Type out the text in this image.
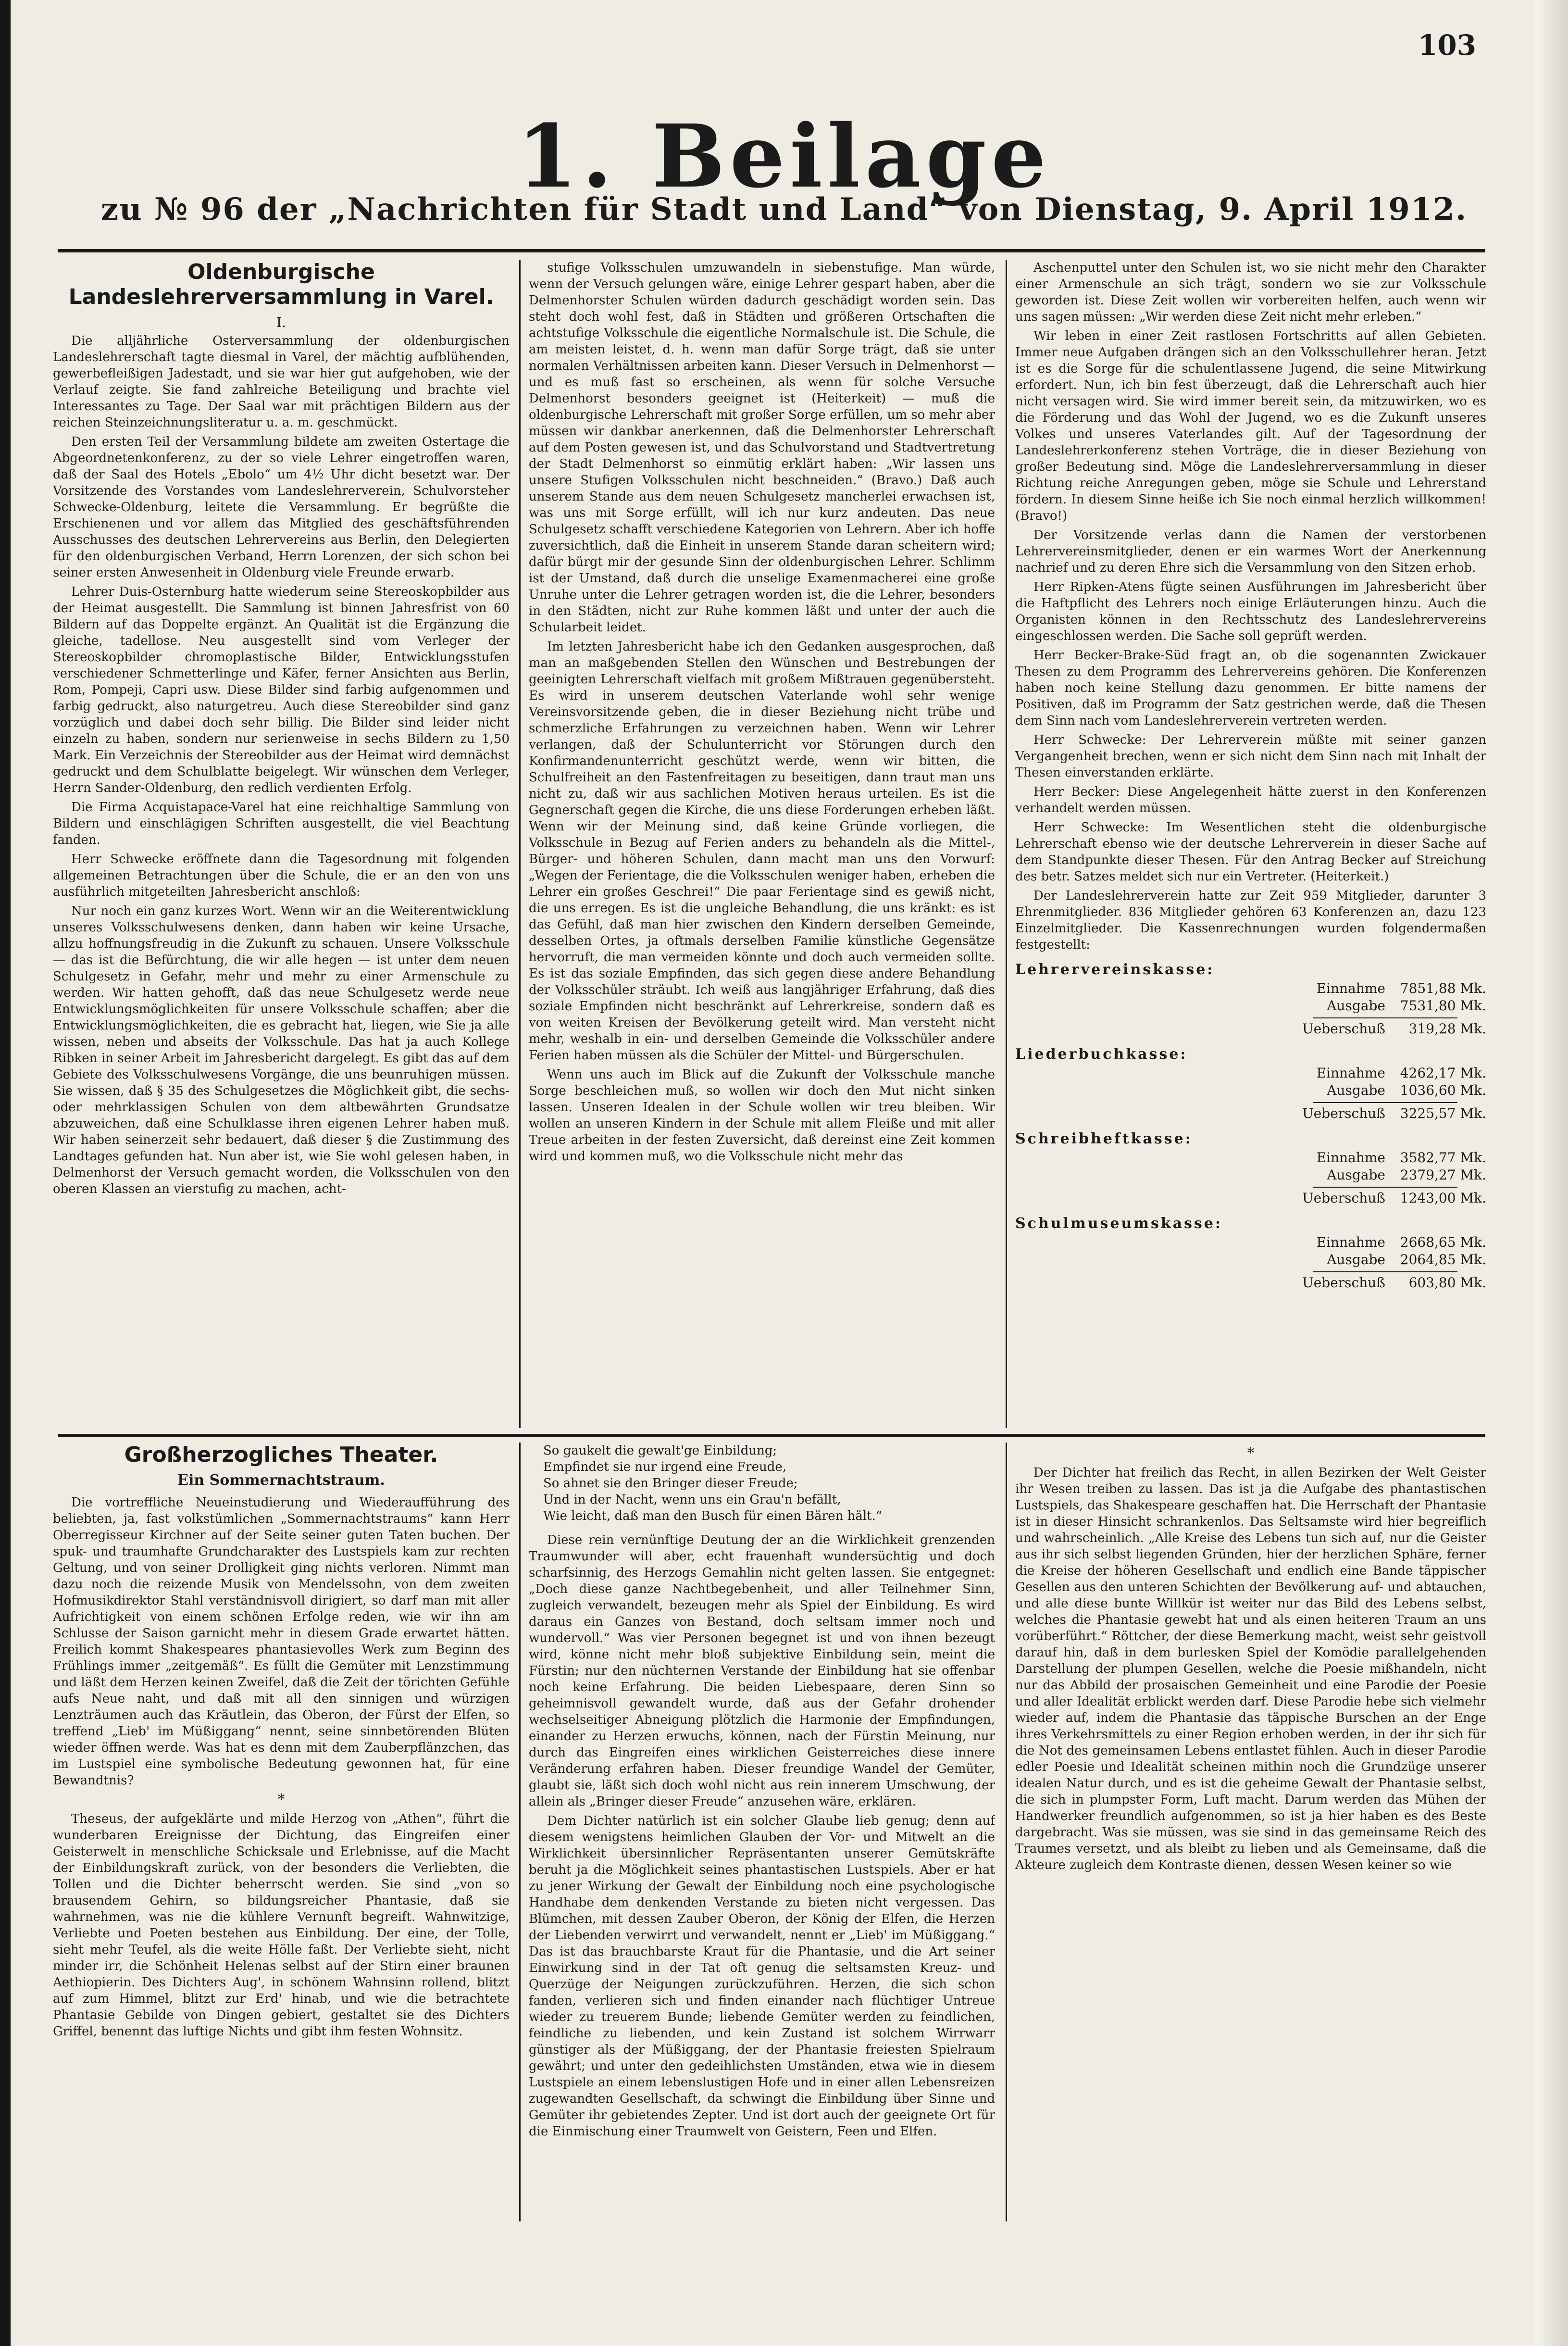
103
1. Beilage
zu № 96 der „Nachrichten für Stadt und Land“ von Dienstag, 9. April 1912.
Oldenburgische Landeslehrerversammlung in Varel.
I.

Die alljährliche Osterversammlung der oldenburgischen Landeslehrerschaft tagte diesmal in Varel, der mächtig aufblühenden, gewerbefleißigen Jadestadt, und sie war hier gut aufgehoben, wie der Verlauf zeigte. Sie fand zahlreiche Beteiligung und brachte viel Interessantes zu Tage. Der Saal war mit prächtigen Bildern aus der reichen Steinzeichnungsliteratur u. a. m. geschmückt.

Den ersten Teil der Versammlung bildete am zweiten Ostertage die Abgeordnetenkonferenz, zu der so viele Lehrer eingetroffen waren, daß der Saal des Hotels „Ebolo“ um 4½ Uhr dicht besetzt war. Der Vorsitzende des Vorstandes vom Landeslehrerverein, Schulvorsteher Schwecke-Oldenburg, leitete die Versammlung. Er begrüßte die Erschienenen und vor allem das Mitglied des geschäftsführenden Ausschusses des deutschen Lehrervereins aus Berlin, den Delegierten für den oldenburgischen Verband, Herrn Lorenzen, der sich schon bei seiner ersten Anwesenheit in Oldenburg viele Freunde erwarb.

Lehrer Duis-Osternburg hatte wiederum seine Stereoskopbilder aus der Heimat ausgestellt. Die Sammlung ist binnen Jahresfrist von 60 Bildern auf das Doppelte ergänzt. An Qualität ist die Ergänzung die gleiche, tadellose. Neu ausgestellt sind vom Verleger der Stereoskopbilder chromoplastische Bilder, Entwicklungsstufen verschiedener Schmetterlinge und Käfer, ferner Ansichten aus Berlin, Rom, Pompeji, Capri usw. Diese Bilder sind farbig aufgenommen und farbig gedruckt, also naturgetreu. Auch diese Stereobilder sind ganz vorzüglich und dabei doch sehr billig. Die Bilder sind leider nicht einzeln zu haben, sondern nur serienweise in sechs Bildern zu 1,50 Mark. Ein Verzeichnis der Stereobilder aus der Heimat wird demnächst gedruckt und dem Schulblatte beigelegt. Wir wünschen dem Verleger, Herrn Sander-Oldenburg, den redlich verdienten Erfolg.

Die Firma Acquistapace-Varel hat eine reichhaltige Sammlung von Bildern und einschlägigen Schriften ausgestellt, die viel Beachtung fanden.

Herr Schwecke eröffnete dann die Tagesordnung mit folgenden allgemeinen Betrachtungen über die Schule, die er an den von uns ausführlich mitgeteilten Jahresbericht anschloß:

Nur noch ein ganz kurzes Wort. Wenn wir an die Weiterentwicklung unseres Volksschulwesens denken, dann haben wir keine Ursache, allzu hoffnungsfreudig in die Zukunft zu schauen. Unsere Volksschule — das ist die Befürchtung, die wir alle hegen — ist unter dem neuen Schulgesetz in Gefahr, mehr und mehr zu einer Armenschule zu werden. Wir hatten gehofft, daß das neue Schulgesetz werde neue Entwicklungsmöglichkeiten für unsere Volksschule schaffen; aber die Entwicklungsmöglichkeiten, die es gebracht hat, liegen, wie Sie ja alle wissen, neben und abseits der Volksschule. Das hat ja auch Kollege Ribken in seiner Arbeit im Jahresbericht dargelegt. Es gibt das auf dem Gebiete des Volksschulwesens Vorgänge, die uns beunruhigen müssen. Sie wissen, daß § 35 des Schulgesetzes die Möglichkeit gibt, die sechs- oder mehrklassigen Schulen von dem altbewährten Grundsatze abzuweichen, daß eine Schulklasse ihren eigenen Lehrer haben muß. Wir haben seinerzeit sehr bedauert, daß dieser § die Zustimmung des Landtages gefunden hat. Nun aber ist, wie Sie wohl gelesen haben, in Delmenhorst der Versuch gemacht worden, die Volksschulen von den oberen Klassen an vierstufig zu machen, acht-

stufige Volksschulen umzuwandeln in siebenstufige. Man würde, wenn der Versuch gelungen wäre, einige Lehrer gespart haben, aber die Delmenhorster Schulen würden dadurch geschädigt worden sein. Das steht doch wohl fest, daß in Städten und größeren Ortschaften die achtstufige Volksschule die eigentliche Normalschule ist. Die Schule, die am meisten leistet, d. h. wenn man dafür Sorge trägt, daß sie unter normalen Verhältnissen arbeiten kann. Dieser Versuch in Delmenhorst — und es muß fast so erscheinen, als wenn für solche Versuche Delmenhorst besonders geeignet ist (Heiterkeit) — muß die oldenburgische Lehrerschaft mit großer Sorge erfüllen, um so mehr aber müssen wir dankbar anerkennen, daß die Delmenhorster Lehrerschaft auf dem Posten gewesen ist, und das Schulvorstand und Stadtvertretung der Stadt Delmenhorst so einmütig erklärt haben: „Wir lassen uns unsere Stufigen Volksschulen nicht beschneiden.“ (Bravo.) Daß auch unserem Stande aus dem neuen Schulgesetz mancherlei erwachsen ist, was uns mit Sorge erfüllt, will ich nur kurz andeuten. Das neue Schulgesetz schafft verschiedene Kategorien von Lehrern. Aber ich hoffe zuversichtlich, daß die Einheit in unserem Stande daran scheitern wird; dafür bürgt mir der gesunde Sinn der oldenburgischen Lehrer. Schlimm ist der Umstand, daß durch die unselige Examenmacherei eine große Unruhe unter die Lehrer getragen worden ist, die die Lehrer, besonders in den Städten, nicht zur Ruhe kommen läßt und unter der auch die Schularbeit leidet.

Im letzten Jahresbericht habe ich den Gedanken ausgesprochen, daß man an maßgebenden Stellen den Wünschen und Bestrebungen der geeinigten Lehrerschaft vielfach mit großem Mißtrauen gegenübersteht. Es wird in unserem deutschen Vaterlande wohl sehr wenige Vereinsvorsitzende geben, die in dieser Beziehung nicht trübe und schmerzliche Erfahrungen zu verzeichnen haben. Wenn wir Lehrer verlangen, daß der Schulunterricht vor Störungen durch den Konfirmandenunterricht geschützt werde, wenn wir bitten, die Schulfreiheit an den Fastenfreitagen zu beseitigen, dann traut man uns nicht zu, daß wir aus sachlichen Motiven heraus urteilen. Es ist die Gegnerschaft gegen die Kirche, die uns diese Forderungen erheben läßt. Wenn wir der Meinung sind, daß keine Gründe vorliegen, die Volksschule in Bezug auf Ferien anders zu behandeln als die Mittel-, Bürger- und höheren Schulen, dann macht man uns den Vorwurf: „Wegen der Ferientage, die die Volksschulen weniger haben, erheben die Lehrer ein großes Geschrei!“ Die paar Ferientage sind es gewiß nicht, die uns erregen. Es ist die ungleiche Behandlung, die uns kränkt: es ist das Gefühl, daß man hier zwischen den Kindern derselben Gemeinde, desselben Ortes, ja oftmals derselben Familie künstliche Gegensätze hervorruft, die man vermeiden könnte und doch auch vermeiden sollte. Es ist das soziale Empfinden, das sich gegen diese andere Behandlung der Volksschüler sträubt. Ich weiß aus langjähriger Erfahrung, daß dies soziale Empfinden nicht beschränkt auf Lehrerkreise, sondern daß es von weiten Kreisen der Bevölkerung geteilt wird. Man versteht nicht mehr, weshalb in ein- und derselben Gemeinde die Volksschüler andere Ferien haben müssen als die Schüler der Mittel- und Bürgerschulen.

Wenn uns auch im Blick auf die Zukunft der Volksschule manche Sorge beschleichen muß, so wollen wir doch den Mut nicht sinken lassen. Unseren Idealen in der Schule wollen wir treu bleiben. Wir wollen an unseren Kindern in der Schule mit allem Fleiße und mit aller Treue arbeiten in der festen Zuversicht, daß dereinst eine Zeit kommen wird und kommen muß, wo die Volksschule nicht mehr das

Aschenputtel unter den Schulen ist, wo sie nicht mehr den Charakter einer Armenschule an sich trägt, sondern wo sie zur Volksschule geworden ist. Diese Zeit wollen wir vorbereiten helfen, auch wenn wir uns sagen müssen: „Wir werden diese Zeit nicht mehr erleben.“

Wir leben in einer Zeit rastlosen Fortschritts auf allen Gebieten. Immer neue Aufgaben drängen sich an den Volksschullehrer heran. Jetzt ist es die Sorge für die schulentlassene Jugend, die seine Mitwirkung erfordert. Nun, ich bin fest überzeugt, daß die Lehrerschaft auch hier nicht versagen wird. Sie wird immer bereit sein, da mitzuwirken, wo es die Förderung und das Wohl der Jugend, wo es die Zukunft unseres Volkes und unseres Vaterlandes gilt. Auf der Tagesordnung der Landeslehrerkonferenz stehen Vorträge, die in dieser Beziehung von großer Bedeutung sind. Möge die Landeslehrerversammlung in dieser Richtung reiche Anregungen geben, möge sie Schule und Lehrerstand fördern. In diesem Sinne heiße ich Sie noch einmal herzlich willkommen! (Bravo!)

Der Vorsitzende verlas dann die Namen der verstorbenen Lehrervereinsmitglieder, denen er ein warmes Wort der Anerkennung nachrief und zu deren Ehre sich die Versammlung von den Sitzen erhob.

Herr Ripken-Atens fügte seinen Ausführungen im Jahresbericht über die Haftpflicht des Lehrers noch einige Erläuterungen hinzu. Auch die Organisten können in den Rechtsschutz des Landeslehrervereins eingeschlossen werden. Die Sache soll geprüft werden.

Herr Becker-Brake-Süd fragt an, ob die sogenannten Zwickauer Thesen zu dem Programm des Lehrervereins gehören. Die Konferenzen haben noch keine Stellung dazu genommen. Er bitte namens der Positiven, daß im Programm der Satz gestrichen werde, daß die Thesen dem Sinn nach vom Landeslehrerverein vertreten werden.

Herr Schwecke: Der Lehrerverein müßte mit seiner ganzen Vergangenheit brechen, wenn er sich nicht dem Sinn nach mit Inhalt der Thesen einverstanden erklärte.

Herr Becker: Diese Angelegenheit hätte zuerst in den Konferenzen verhandelt werden müssen.

Herr Schwecke: Im Wesentlichen steht die oldenburgische Lehrerschaft ebenso wie der deutsche Lehrerverein in dieser Sache auf dem Standpunkte dieser Thesen. Für den Antrag Becker auf Streichung des betr. Satzes meldet sich nur ein Vertreter. (Heiterkeit.)

Der Landeslehrerverein hatte zur Zeit 959 Mitglieder, darunter 3 Ehrenmitglieder. 836 Mitglieder gehören 63 Konferenzen an, dazu 123 Einzelmitglieder. Die Kassenrechnungen wurden folgendermaßen festgestellt:

Lehrervereinskasse:
Einnahme	7851,88 Mk.
Ausgabe	7531,80 Mk.
Ueberschuß	319,28 Mk.
Liederbuchkasse:
Einnahme	4262,17 Mk.
Ausgabe	1036,60 Mk.
Ueberschuß	3225,57 Mk.
Schreibheftkasse:
Einnahme	3582,77 Mk.
Ausgabe	2379,27 Mk.
Ueberschuß	1243,00 Mk.
Schulmuseumskasse:
Einnahme	2668,65 Mk.
Ausgabe	2064,85 Mk.
Ueberschuß	603,80 Mk.
Großherzogliches Theater.
Ein Sommernachtstraum.

Die vortreffliche Neueinstudierung und Wiederaufführung des beliebten, ja, fast volkstümlichen „Sommernachtstraums“ kann Herr Oberregisseur Kirchner auf der Seite seiner guten Taten buchen. Der spuk- und traumhafte Grundcharakter des Lustspiels kam zur rechten Geltung, und von seiner Drolligkeit ging nichts verloren. Nimmt man dazu noch die reizende Musik von Mendelssohn, von dem zweiten Hofmusikdirektor Stahl verständnisvoll dirigiert, so darf man mit aller Aufrichtigkeit von einem schönen Erfolge reden, wie wir ihn am Schlusse der Saison garnicht mehr in diesem Grade erwartet hätten. Freilich kommt Shakespeares phantasievolles Werk zum Beginn des Frühlings immer „zeitgemäß“. Es füllt die Gemüter mit Lenzstimmung und läßt dem Herzen keinen Zweifel, daß die Zeit der törichten Gefühle aufs Neue naht, und daß mit all den sinnigen und würzigen Lenzträumen auch das Kräutlein, das Oberon, der Fürst der Elfen, so treffend „Lieb' im Müßiggang“ nennt, seine sinnbetörenden Blüten wieder öffnen werde. Was hat es denn mit dem Zauberpflänzchen, das im Lustspiel eine symbolische Bedeutung gewonnen hat, für eine Bewandtnis?

*

Theseus, der aufgeklärte und milde Herzog von „Athen“, führt die wunderbaren Ereignisse der Dichtung, das Eingreifen einer Geisterwelt in menschliche Schicksale und Erlebnisse, auf die Macht der Einbildungskraft zurück, von der besonders die Verliebten, die Tollen und die Dichter beherrscht werden. Sie sind „von so brausendem Gehirn, so bildungsreicher Phantasie, daß sie wahrnehmen, was nie die kühlere Vernunft begreift. Wahnwitzige, Verliebte und Poeten bestehen aus Einbildung. Der eine, der Tolle, sieht mehr Teufel, als die weite Hölle faßt. Der Verliebte sieht, nicht minder irr, die Schönheit Helenas selbst auf der Stirn einer braunen Aethiopierin. Des Dichters Aug', in schönem Wahnsinn rollend, blitzt auf zum Himmel, blitzt zur Erd' hinab, und wie die betrachtete Phantasie Gebilde von Dingen gebiert, gestaltet sie des Dichters Griffel, benennt das luftige Nichts und gibt ihm festen Wohnsitz.

So gaukelt die gewalt'ge Einbildung;
Empfindet sie nur irgend eine Freude,
So ahnet sie den Bringer dieser Freude;
Und in der Nacht, wenn uns ein Grau'n befällt,
Wie leicht, daß man den Busch für einen Bären hält.“

Diese rein vernünftige Deutung der an die Wirklichkeit grenzenden Traumwunder will aber, echt frauenhaft wundersüchtig und doch scharfsinnig, des Herzogs Gemahlin nicht gelten lassen. Sie entgegnet: „Doch diese ganze Nachtbegebenheit, und aller Teilnehmer Sinn, zugleich verwandelt, bezeugen mehr als Spiel der Einbildung. Es wird daraus ein Ganzes von Bestand, doch seltsam immer noch und wundervoll.“ Was vier Personen begegnet ist und von ihnen bezeugt wird, könne nicht mehr bloß subjektive Einbildung sein, meint die Fürstin; nur den nüchternen Verstande der Einbildung hat sie offenbar noch keine Erfahrung. Die beiden Liebespaare, deren Sinn so geheimnisvoll gewandelt wurde, daß aus der Gefahr drohender wechselseitiger Abneigung plötzlich die Harmonie der Empfindungen, einander zu Herzen erwuchs, können, nach der Fürstin Meinung, nur durch das Eingreifen eines wirklichen Geisterreiches diese innere Veränderung erfahren haben. Dieser freundige Wandel der Gemüter, glaubt sie, läßt sich doch wohl nicht aus rein innerem Umschwung, der allein als „Bringer dieser Freude“ anzusehen wäre, erklären.

Dem Dichter natürlich ist ein solcher Glaube lieb genug; denn auf diesem wenigstens heimlichen Glauben der Vor- und Mitwelt an die Wirklichkeit übersinnlicher Repräsentanten unserer Gemütskräfte beruht ja die Möglichkeit seines phantastischen Lustspiels. Aber er hat zu jener Wirkung der Gewalt der Einbildung noch eine psychologische Handhabe dem denkenden Verstande zu bieten nicht vergessen. Das Blümchen, mit dessen Zauber Oberon, der König der Elfen, die Herzen der Liebenden verwirrt und verwandelt, nennt er „Lieb' im Müßiggang.“ Das ist das brauchbarste Kraut für die Phantasie, und die Art seiner Einwirkung sind in der Tat oft genug die seltsamsten Kreuz- und Querzüge der Neigungen zurückzuführen. Herzen, die sich schon fanden, verlieren sich und finden einander nach flüchtiger Untreue wieder zu treuerem Bunde; liebende Gemüter werden zu feindlichen, feindliche zu liebenden, und kein Zustand ist solchem Wirrwarr günstiger als der Müßiggang, der der Phantasie freiesten Spielraum gewährt; und unter den gedeihlichsten Umständen, etwa wie in diesem Lustspiele an einem lebenslustigen Hofe und in einer allen Lebensreizen zugewandten Gesellschaft, da schwingt die Einbildung über Sinne und Gemüter ihr gebietendes Zepter. Und ist dort auch der geeignete Ort für die Einmischung einer Traumwelt von Geistern, Feen und Elfen.

*

Der Dichter hat freilich das Recht, in allen Bezirken der Welt Geister ihr Wesen treiben zu lassen. Das ist ja die Aufgabe des phantastischen Lustspiels, das Shakespeare geschaffen hat. Die Herrschaft der Phantasie ist in dieser Hinsicht schrankenlos. Das Seltsamste wird hier begreiflich und wahrscheinlich. „Alle Kreise des Lebens tun sich auf, nur die Geister aus ihr sich selbst liegenden Gründen, hier der herzlichen Sphäre, ferner die Kreise der höheren Gesellschaft und endlich eine Bande täppischer Gesellen aus den unteren Schichten der Bevölkerung auf- und abtauchen, und alle diese bunte Willkür ist weiter nur das Bild des Lebens selbst, welches die Phantasie gewebt hat und als einen heiteren Traum an uns vorüberführt.“ Röttcher, der diese Bemerkung macht, weist sehr geistvoll darauf hin, daß in dem burlesken Spiel der Komödie parallelgehenden Darstellung der plumpen Gesellen, welche die Poesie mißhandeln, nicht nur das Abbild der prosaischen Gemeinheit und eine Parodie der Poesie und aller Idealität erblickt werden darf. Diese Parodie hebe sich vielmehr wieder auf, indem die Phantasie das täppische Burschen an der Enge ihres Verkehrsmittels zu einer Region erhoben werden, in der ihr sich für die Not des gemeinsamen Lebens entlastet fühlen. Auch in dieser Parodie edler Poesie und Idealität scheinen mithin noch die Grundzüge unserer idealen Natur durch, und es ist die geheime Gewalt der Phantasie selbst, die sich in plumpster Form, Luft macht. Darum werden das Mühen der Handwerker freundlich aufgenommen, so ist ja hier haben es des Beste dargebracht. Was sie müssen, was sie sind in das gemeinsame Reich des Traumes versetzt, und als bleibt zu lieben und als Gemeinsame, daß die Akteure zugleich dem Kontraste dienen, dessen Wesen keiner so wie
